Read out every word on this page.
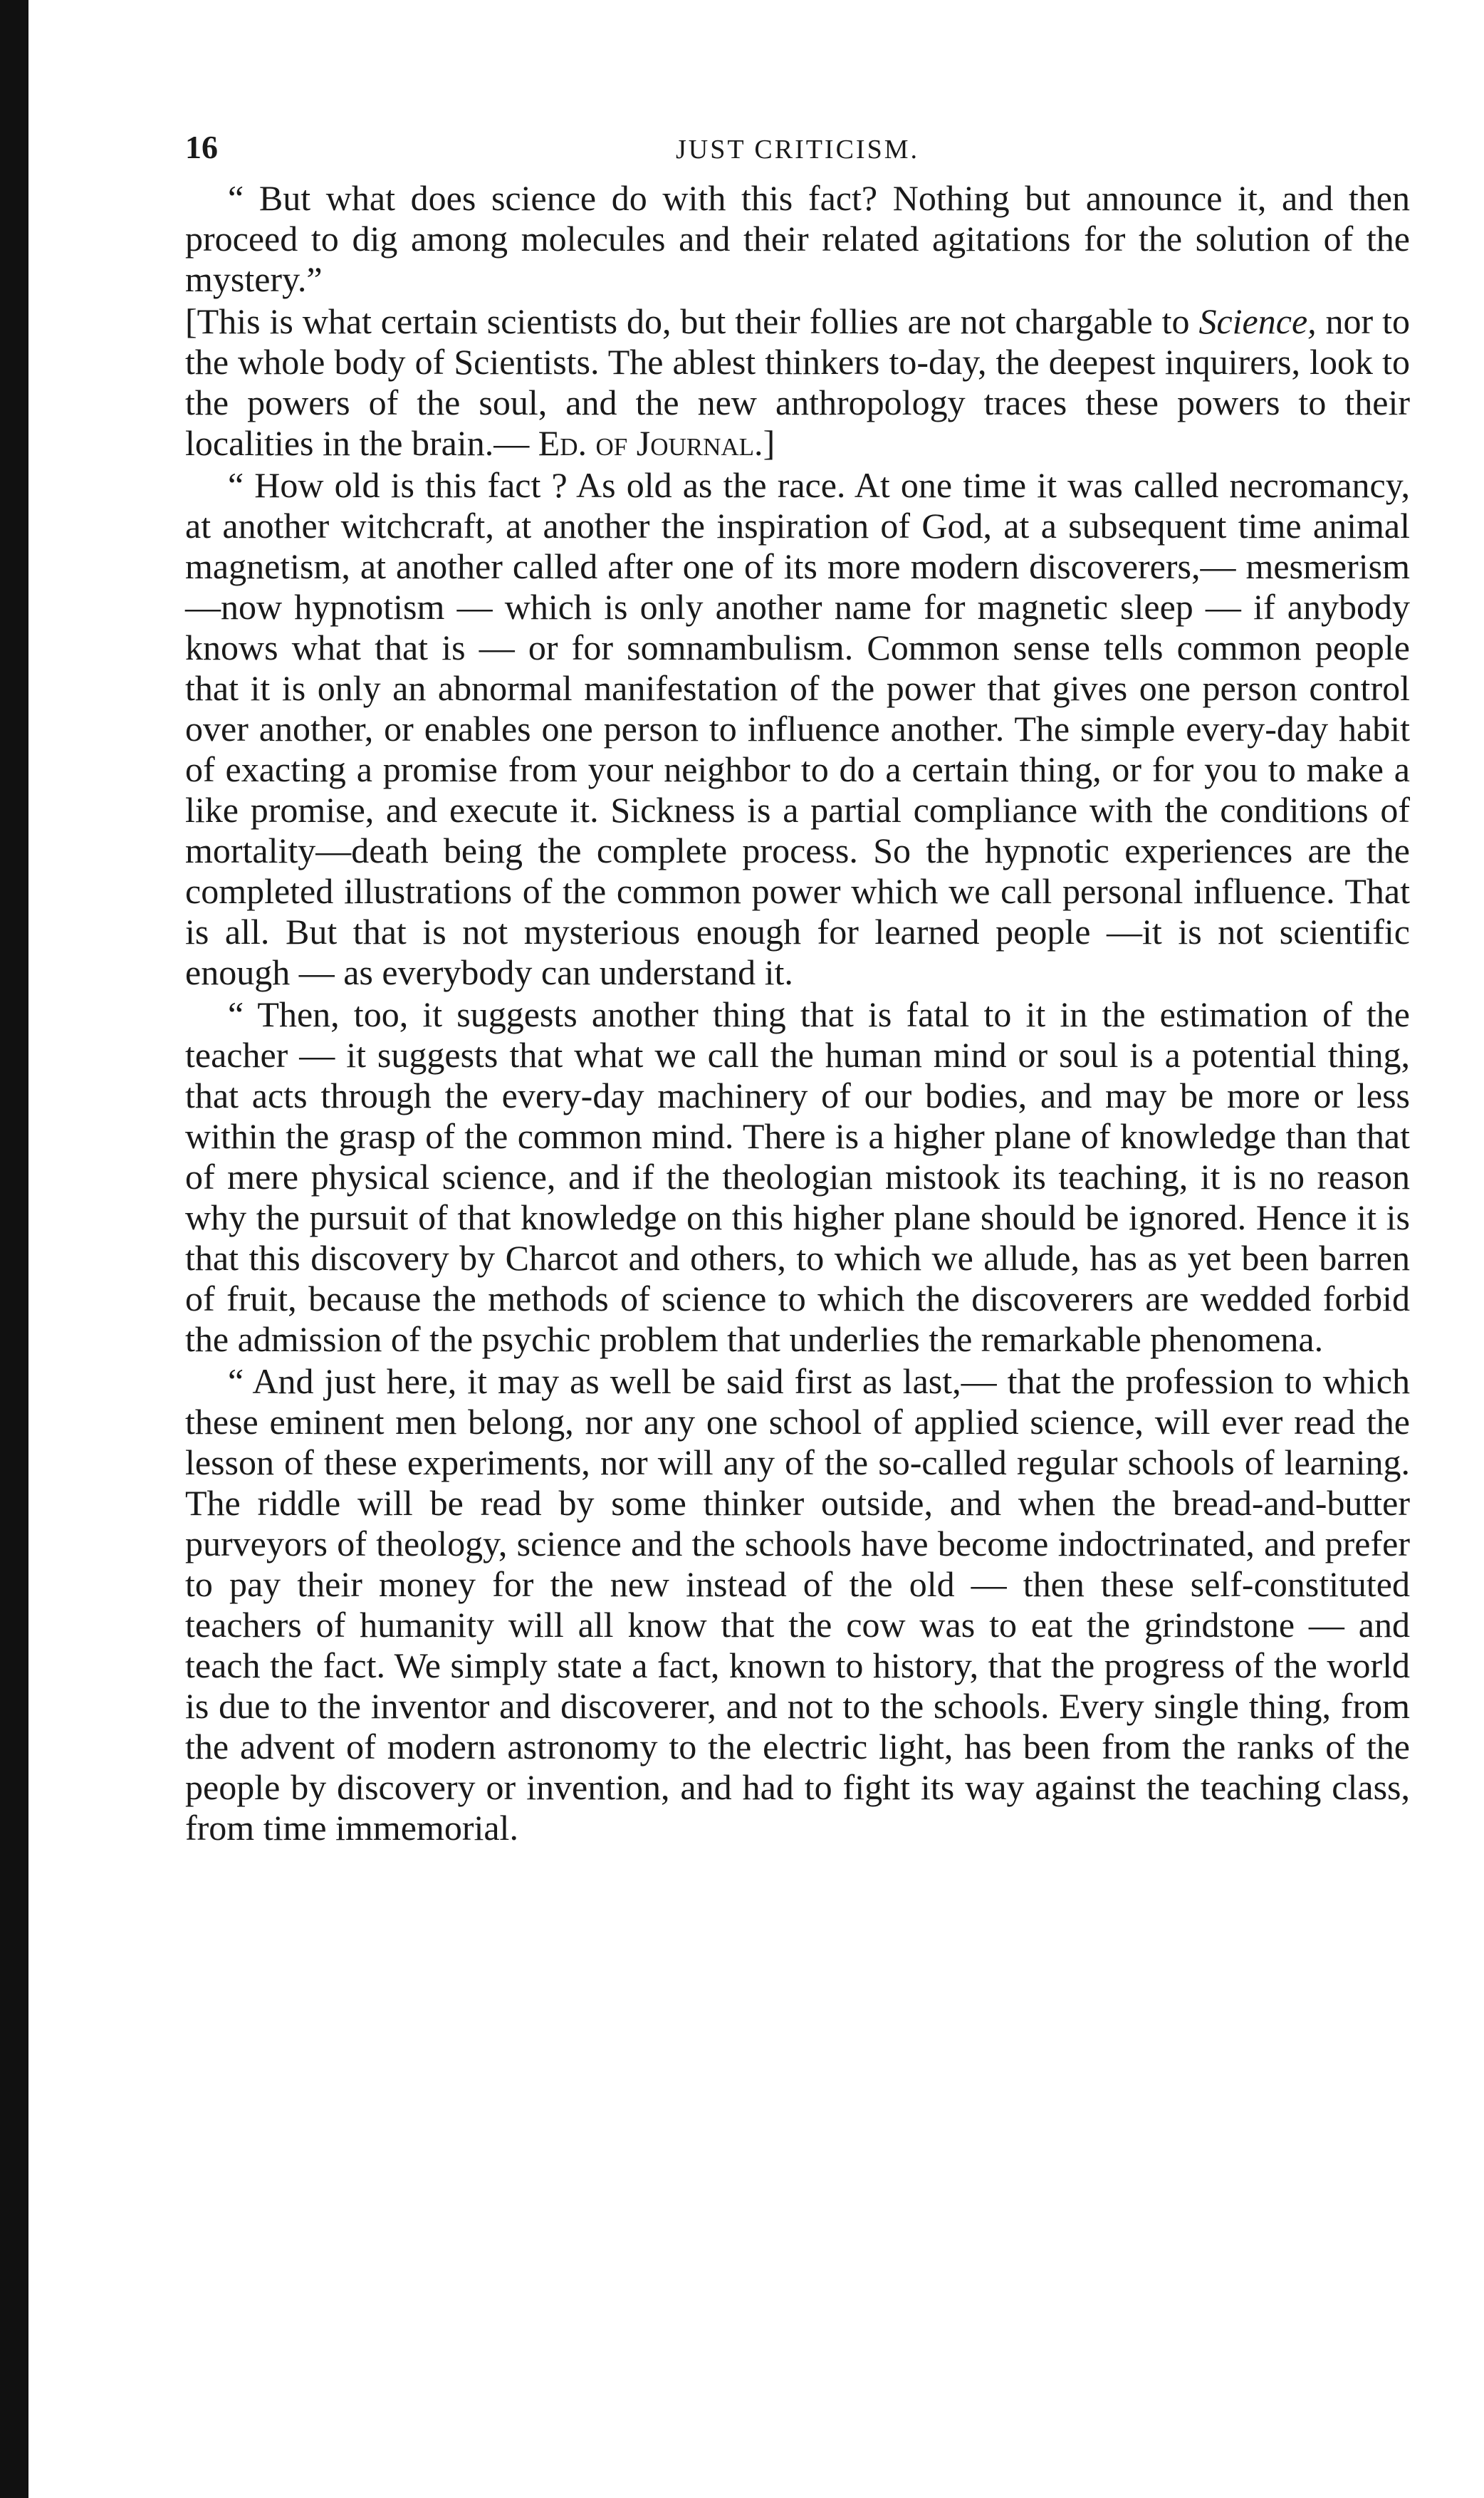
16	JUST CRITICISM.

“ But what does science do with this fact? Nothing but announce it, and then proceed to dig among molecules and their related agitations for the solution of the mystery.”

[This is what certain scientists do, but their follies are not chargable to Science, nor to the whole body of Scientists. The ablest thinkers to-day, the deepest inquirers, look to the powers of the soul, and the new anthropology traces these powers to their localities in the brain.— Ed. of Journal.]

“ How old is this fact ? As old as the race. At one time it was called necromancy, at another witchcraft, at another the inspiration of God, at a subsequent time animal magnetism, at another called after one of its more modern discoverers,— mesmerism —now hypnotism — which is only another name for magnetic sleep — if anybody knows what that is — or for somnambulism. Common sense tells common people that it is only an abnormal manifestation of the power that gives one person control over another, or enables one person to influence another. The simple every-day habit of exacting a promise from your neighbor to do a certain thing, or for you to make a like promise, and execute it. Sickness is a partial compliance with the conditions of mortality—death being the complete process. So the hypnotic experiences are the completed illustrations of the common power which we call personal influence. That is all. But that is not mysterious enough for learned people —it is not scientific enough — as everybody can understand it.

“ Then, too, it suggests another thing that is fatal to it in the estimation of the teacher — it suggests that what we call the human mind or soul is a potential thing, that acts through the every-day machinery of our bodies, and may be more or less within the grasp of the common mind. There is a higher plane of knowledge than that of mere physical science, and if the theologian mistook its teaching, it is no reason why the pursuit of that knowledge on this higher plane should be ignored. Hence it is that this discovery by Charcot and others, to which we allude, has as yet been barren of fruit, because the methods of science to which the discoverers are wedded forbid the admission of the psychic problem that underlies the remarkable phenomena.

“ And just here, it may as well be said first as last,— that the profession to which these eminent men belong, nor any one school of applied science, will ever read the lesson of these experiments, nor will any of the so-called regular schools of learning. The riddle will be read by some thinker outside, and when the bread-and-butter purveyors of theology, science and the schools have become indoctrinated, and prefer to pay their money for the new instead of the old — then these self-constituted teachers of humanity will all know that the cow was to eat the grindstone — and teach the fact. We simply state a fact, known to history, that the progress of the world is due to the inventor and discoverer, and not to the schools. Every single thing, from the advent of modern astronomy to the electric light, has been from the ranks of the people by discovery or invention, and had to fight its way against the teaching class, from time immemorial.
